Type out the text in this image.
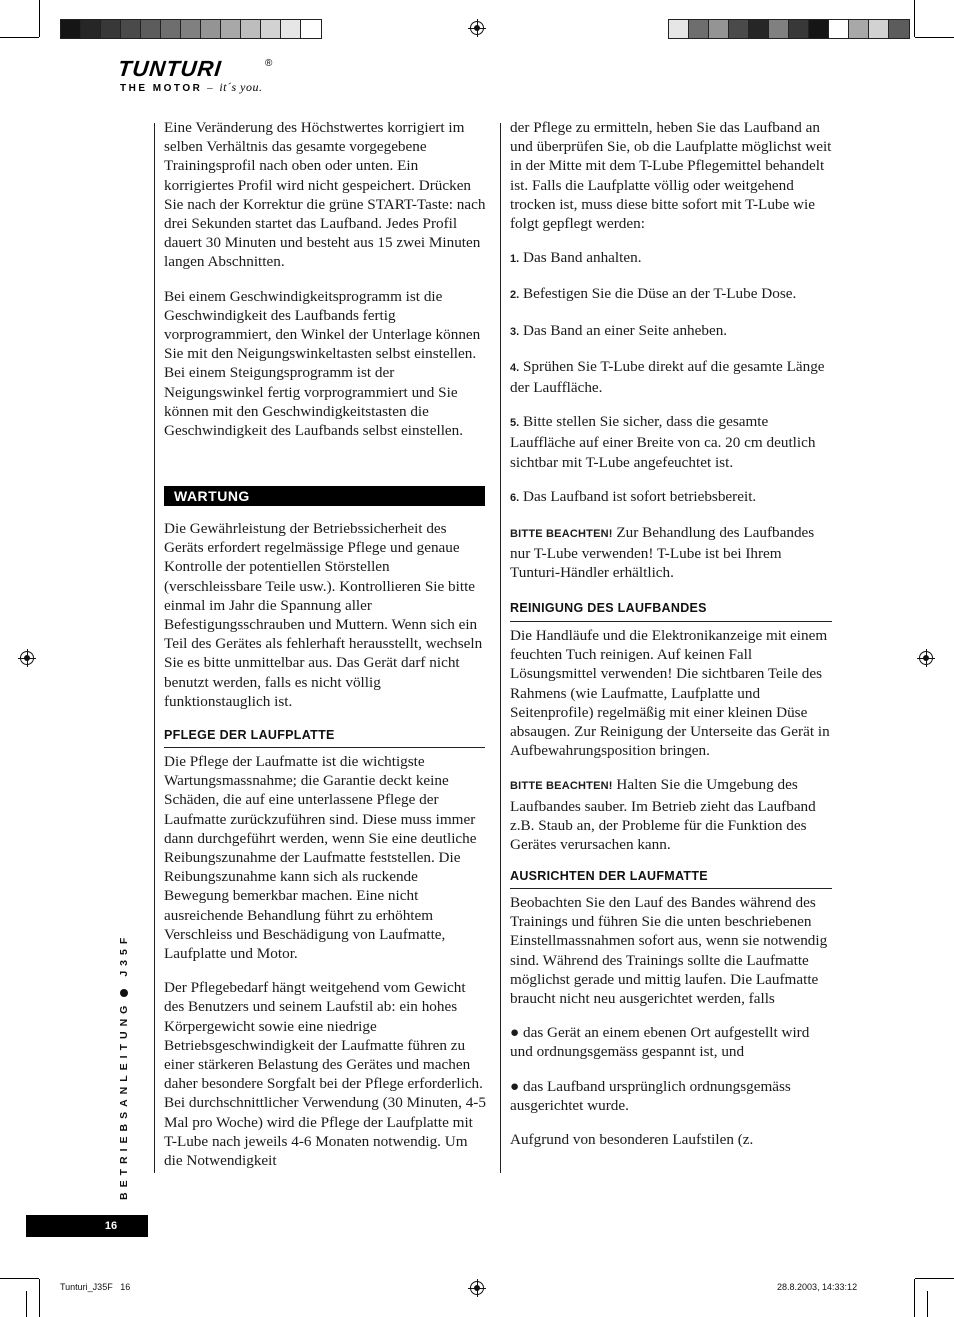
TUNTURI	®
THE MOTOR – it´s you.

Eine Veränderung des Höchstwertes korrigiert im selben Verhältnis das gesamte vorgegebene Trainingsprofil nach oben oder unten. Ein korrigiertes Profil wird nicht gespeichert. Drücken Sie nach der Korrektur die grüne START-Taste: nach drei Sekunden startet das Laufband. Jedes Profil dauert 30 Minuten und besteht aus 15 zwei Minuten langen Abschnitten.

Bei einem Geschwindigkeitsprogramm ist die Geschwindigkeit des Laufbands fertig vorprogrammiert, den Winkel der Unterlage können Sie mit den Neigungswinkeltasten selbst einstellen. Bei einem Steigungsprogramm ist der Neigungswinkel fertig vorprogrammiert und Sie können mit den Geschwindigkeitstasten die Geschwindigkeit des Laufbands selbst einstellen.

WARTUNG

Die Gewährleistung der Betriebssicherheit des Geräts erfordert regelmässige Pflege und genaue Kontrolle der potentiellen Störstellen (verschleissbare Teile usw.). Kontrollieren Sie bitte einmal im Jahr die Spannung aller Befestigungsschrauben und Muttern. Wenn sich ein Teil des Gerätes als fehlerhaft herausstellt, wechseln Sie es bitte unmittelbar aus. Das Gerät darf nicht benutzt werden, falls es nicht völlig funktionstauglich ist.

PFLEGE DER LAUFPLATTE

Die Pflege der Laufmatte ist die wichtigste Wartungsmassnahme; die Garantie deckt keine Schäden, die auf eine unterlassene Pflege der Laufmatte zurückzuführen sind. Diese muss immer dann durchgeführt werden, wenn Sie eine deutliche Reibungszunahme der Laufmatte feststellen. Die Reibungszunahme kann sich als ruckende Bewegung bemerkbar machen. Eine nicht ausreichende Behandlung führt zu erhöhtem Verschleiss und Beschädigung von Laufmatte, Laufplatte und Motor.

Der Pflegebedarf hängt weitgehend vom Gewicht des Benutzers und seinem Laufstil ab: ein hohes Körpergewicht sowie eine niedrige Betriebsgeschwindigkeit der Laufmatte führen zu einer stärkeren Belastung des Gerätes und machen daher besondere Sorgfalt bei der Pflege erforderlich. Bei durchschnittlicher Verwendung (30 Minuten, 4-5 Mal pro Woche) wird die Pflege der Laufplatte mit T-Lube nach jeweils 4-6 Monaten notwendig. Um die Notwendigkeit

der Pflege zu ermitteln, heben Sie das Laufband an und überprüfen Sie, ob die Laufplatte möglichst weit in der Mitte mit dem T-Lube Pflegemittel behandelt ist. Falls die Laufplatte völlig oder weitgehend trocken ist, muss diese bitte sofort mit T-Lube wie folgt gepflegt werden:

1. Das Band anhalten.

2. Befestigen Sie die Düse an der T-Lube Dose.

3. Das Band an einer Seite anheben.

4. Sprühen Sie T-Lube direkt auf die gesamte Länge der Lauffläche.

5. Bitte stellen Sie sicher, dass die gesamte Lauffläche auf einer Breite von ca. 20 cm deutlich sichtbar mit T-Lube angefeuchtet ist.

6. Das Laufband ist sofort betriebsbereit.

BITTE BEACHTEN! Zur Behandlung des Laufbandes nur T-Lube verwenden! T-Lube ist bei Ihrem Tunturi-Händler erhältlich.

REINIGUNG DES LAUFBANDES

Die Handläufe und die Elektronikanzeige mit einem feuchten Tuch reinigen. Auf keinen Fall Lösungsmittel verwenden! Die sichtbaren Teile des Rahmens (wie Laufmatte, Laufplatte und Seitenprofile) regelmäßig mit einer kleinen Düse absaugen. Zur Reinigung der Unterseite das Gerät in Aufbewahrungsposition bringen.

BITTE BEACHTEN! Halten Sie die Umgebung des Laufbandes sauber. Im Betrieb zieht das Laufband z.B. Staub an, der Probleme für die Funktion des Gerätes verursachen kann.

AUSRICHTEN DER LAUFMATTE

Beobachten Sie den Lauf des Bandes während des Trainings und führen Sie die unten beschriebenen Einstellmassnahmen sofort aus, wenn sie notwendig sind. Während des Trainings sollte die Laufmatte möglichst gerade und mittig laufen. Die Laufmatte braucht nicht neu ausgerichtet werden, falls

● das Gerät an einem ebenen Ort aufgestellt wird und ordnungsgemäss gespannt ist, und

● das Laufband ursprünglich ordnungsgemäss ausgerichtet wurde.

Aufgrund von besonderen Laufstilen (z.

BETRIEBSANLEITUNGJ35F
16
Tunturi_J35F   16	28.8.2003, 14:33:12
